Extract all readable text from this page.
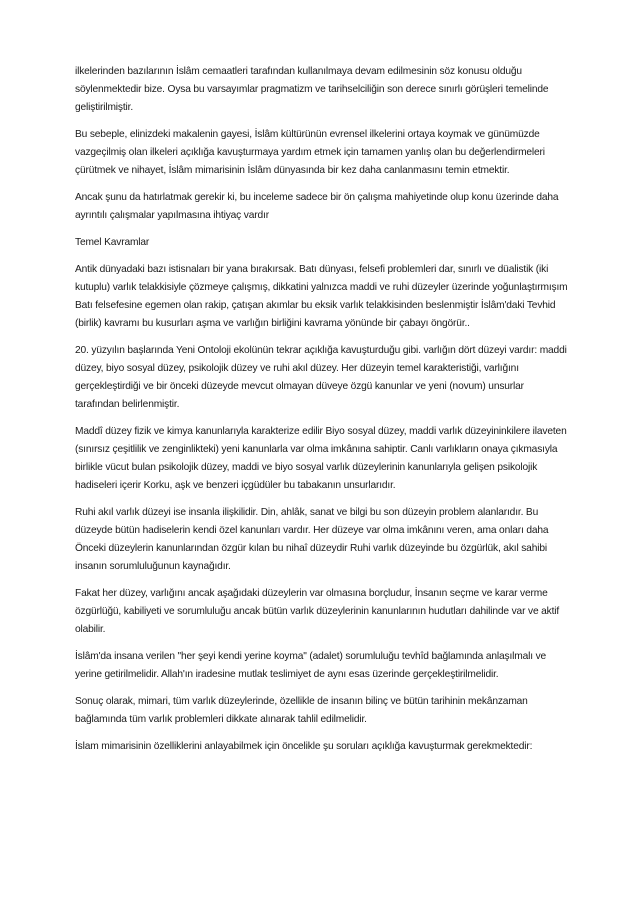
ilkelerinden bazılarının İslâm cemaatleri tarafından kullanılmaya devam edilmesinin söz konusu olduğu söylenmektedir bize. Oysa bu varsayımlar pragmatizm ve tarihselciliğin son derece sınırlı görüşleri temelinde geliştirilmiştir.

Bu sebeple, elinizdeki makalenin gayesi, İslâm kültürünün evrensel ilkelerini ortaya koymak ve günümüzde vazgeçilmiş olan ilkeleri açıklığa kavuşturmaya yardım etmek için tamamen yanlış olan bu değerlendirmeleri çürütmek ve nihayet, İslâm mimarisinin İslâm dünyasında bir kez daha canlanmasını temin etmektir.

Ancak şunu da hatırlatmak gerekir ki, bu inceleme sadece bir ön çalışma mahiyetinde olup konu üzerinde daha ayrıntılı çalışmalar yapılmasına ihtiyaç vardır

Temel Kavramlar

Antik dünyadaki bazı istisnaları bir yana bırakırsak. Batı dünyası, felsefi problemleri dar, sınırlı ve düalistik (iki kutuplu) varlık telakkisiyle çözmeye çalışmış, dikkatini yalnızca maddi ve ruhi düzeyler üzerinde yoğunlaştırmışım Batı felsefesine egemen olan rakip, çatışan akımlar bu eksik varlık telakkisinden beslenmiştir İslâm'daki Tevhid (birlik) kavramı bu kusurları aşma ve varlığın birliğini kavrama yönünde bir çabayı öngörür..

20. yüzyılın başlarında Yeni Ontoloji ekolünün tekrar açıklığa kavuşturduğu gibi. varlığın dört düzeyi vardır: maddi düzey, biyo sosyal düzey, psikolojik düzey ve ruhi akıl düzey. Her düzeyin temel karakteristiği, varlığını gerçekleştirdiği ve bir önceki düzeyde mevcut olmayan düveye özgü kanunlar ve yeni (novum) unsurlar tarafından belirlenmiştir.

Maddî düzey fizik ve kimya kanunlarıyla karakterize edilir Biyo sosyal düzey, maddi varlık düzeyininkilere ilaveten (sınırsız çeşitlilik ve zenginlikteki) yeni kanunlarla var olma imkânına sahiptir. Canlı varlıkların onaya çıkmasıyla birlikle vücut bulan psikolojik düzey, maddi ve biyo sosyal varlık düzeylerinin kanunlarıyla gelişen psikolojik hadiseleri içerir Korku, aşk ve benzeri içgüdüler bu tabakanın unsurlarıdır.

Ruhi akıl varlık düzeyi ise insanla ilişkilidir. Din, ahlâk, sanat ve bilgi bu son düzeyin problem alanlarıdır. Bu düzeyde bütün hadiselerin kendi özel kanunları vardır. Her düzeye var olma imkânını veren, ama onları daha Önceki düzeylerin kanunlarından özgür kılan bu nihaî düzeydir Ruhi varlık düzeyinde bu özgürlük, akıl sahibi insanın sorumluluğunun kaynağıdır.

Fakat her düzey, varlığını ancak aşağıdaki düzeylerin var olmasına borçludur, İnsanın seçme ve karar verme özgürlüğü, kabiliyeti ve sorumluluğu ancak bütün varlık düzeylerinin kanunlarının hudutları dahilinde var ve aktif olabilir.

İslâm'da insana verilen "her şeyi kendi yerine koyma" (adalet) sorumluluğu tevhîd bağlamında anlaşılmalı ve yerine getirilmelidir. Allah'ın iradesine mutlak teslimiyet de aynı esas üzerinde gerçekleştirilmelidir.

Sonuç olarak, mimari, tüm varlık düzeylerinde, özellikle de insanın bilinç ve bütün tarihinin mekânzaman bağlamında tüm varlık problemleri dikkate alınarak tahlil edilmelidir.

İslam mimarisinin özelliklerini anlayabilmek için öncelikle şu soruları açıklığa kavuşturmak gerekmektedir:
